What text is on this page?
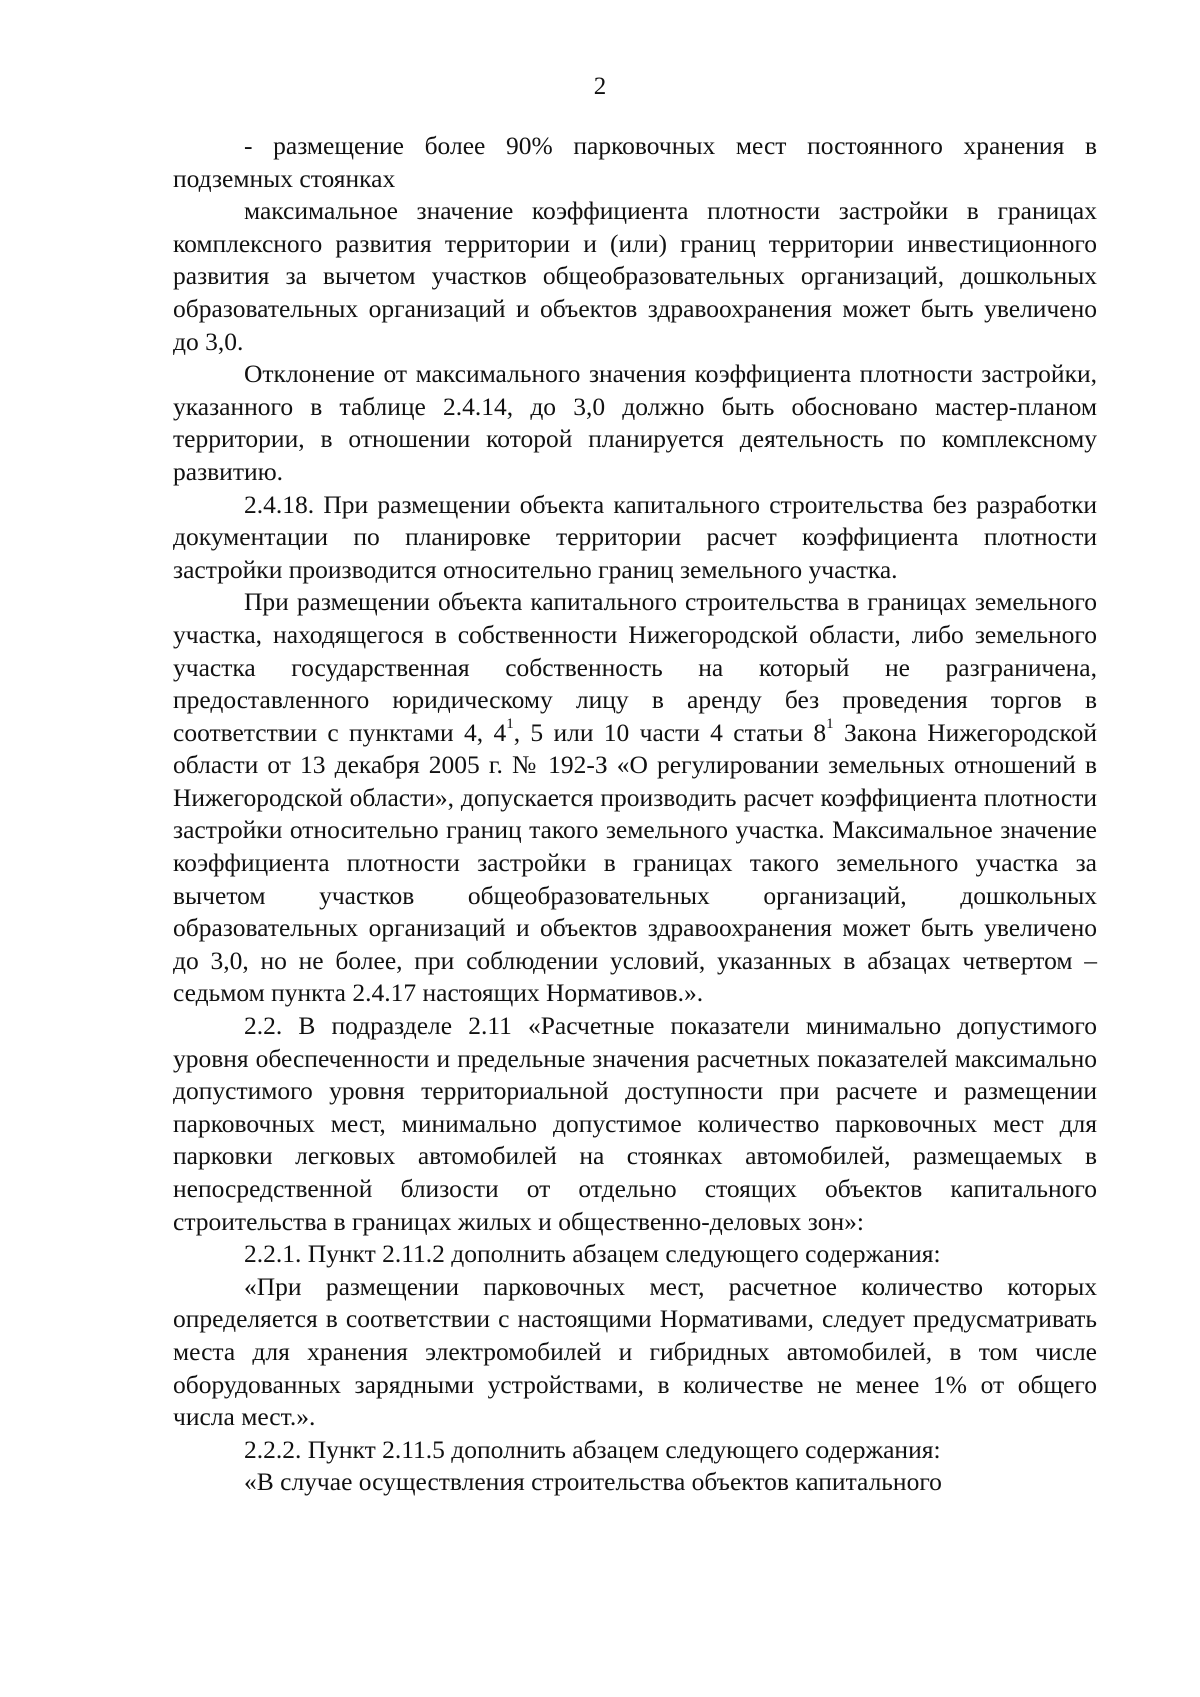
2

- размещение более 90% парковочных мест постоянного хранения в подземных стоянках

максимальное значение коэффициента плотности застройки в границах комплексного развития территории и (или) границ территории инвестиционного развития за вычетом участков общеобразовательных организаций, дошкольных образовательных организаций и объектов здравоохранения может быть увеличено до 3,0.

Отклонение от максимального значения коэффициента плотности застройки, указанного в таблице 2.4.14, до 3,0 должно быть обосновано мастер-планом территории, в отношении которой планируется деятельность по комплексному развитию.

2.4.18. При размещении объекта капитального строительства без разработки документации по планировке территории расчет коэффициента плотности застройки производится относительно границ земельного участка.

При размещении объекта капитального строительства в границах земельного участка, находящегося в собственности Нижегородской области, либо земельного участка государственная собственность на который не разграничена, предоставленного юридическому лицу в аренду без проведения торгов в соответствии с пунктами 4, $4^1$, 5 или 10 части 4 статьи $8^1$ Закона Нижегородской области от 13 декабря 2005 г. № 192-З «О регулировании земельных отношений в Нижегородской области», допускается производить расчет коэффициента плотности застройки относительно границ такого земельного участка. Максимальное значение коэффициента плотности застройки в границах такого земельного участка за вычетом участков общеобразовательных организаций, дошкольных образовательных организаций и объектов здравоохранения может быть увеличено до 3,0, но не более, при соблюдении условий, указанных в абзацах четвертом – седьмом пункта 2.4.17 настоящих Нормативов.».

2.2. В подразделе 2.11 «Расчетные показатели минимально допустимого уровня обеспеченности и предельные значения расчетных показателей максимально допустимого уровня территориальной доступности при расчете и размещении парковочных мест, минимально допустимое количество парковочных мест для парковки легковых автомобилей на стоянках автомобилей, размещаемых в непосредственной близости от отдельно стоящих объектов капитального строительства в границах жилых и общественно-деловых зон»:

2.2.1. Пункт 2.11.2 дополнить абзацем следующего содержания:

«При размещении парковочных мест, расчетное количество которых определяется в соответствии с настоящими Нормативами, следует предусматривать места для хранения электромобилей и гибридных автомобилей, в том числе оборудованных зарядными устройствами, в количестве не менее 1% от общего числа мест.».

2.2.2. Пункт 2.11.5 дополнить абзацем следующего содержания:

«В случае осуществления строительства объектов капитального
